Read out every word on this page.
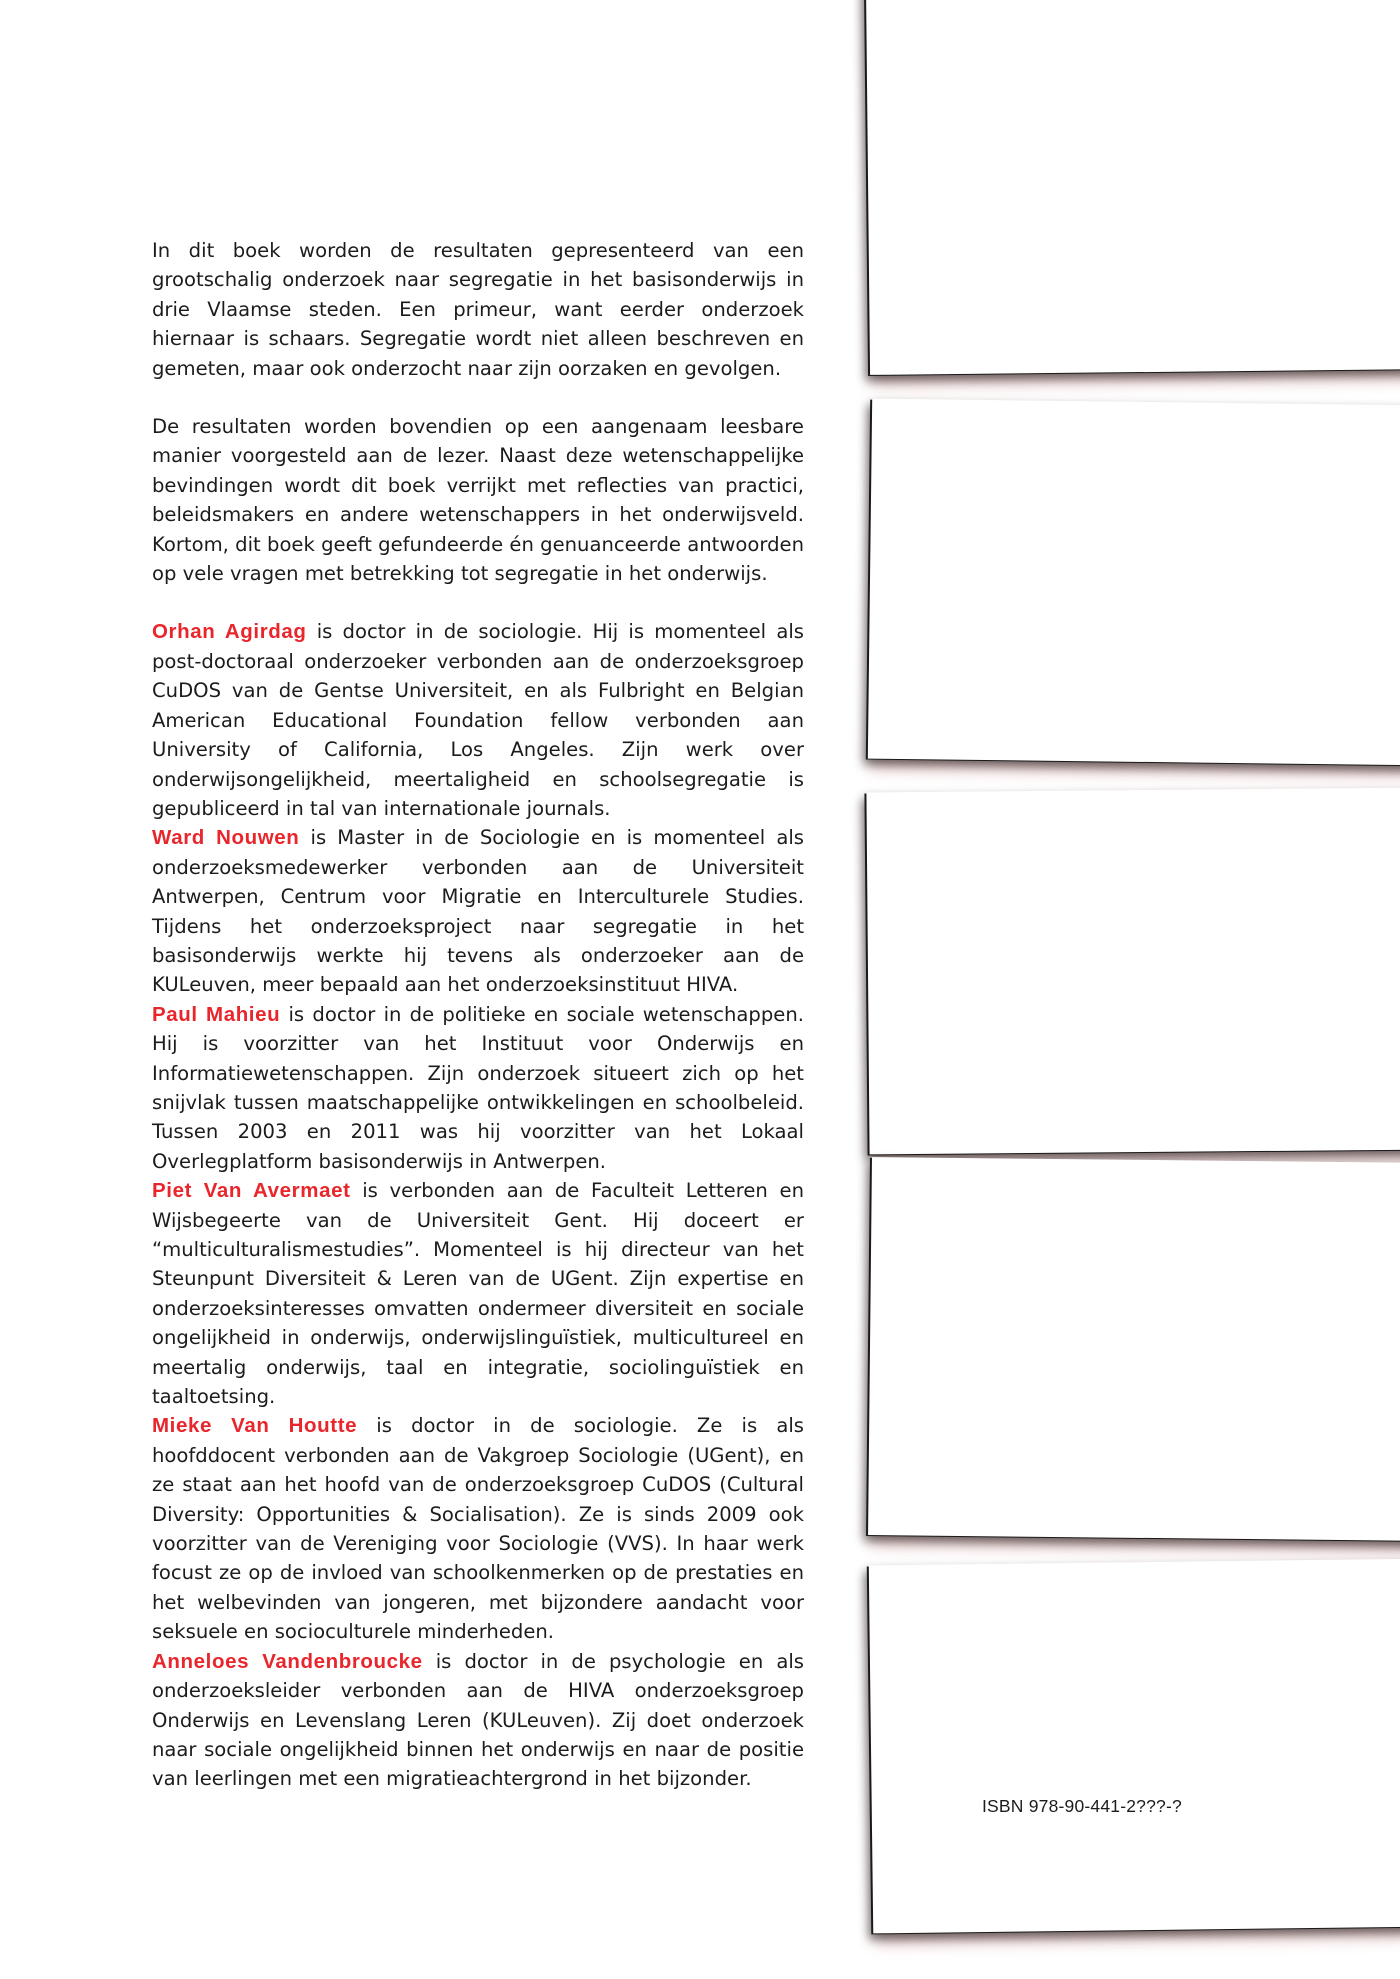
In dit boek worden de resultaten gepresenteerd van een grootschalig onderzoek naar segregatie in het basisonderwijs in drie Vlaamse steden. Een primeur, want eerder onderzoek hiernaar is schaars. Segregatie wordt niet alleen beschreven en gemeten, maar ook onderzocht naar zijn oorzaken en gevolgen.

De resultaten worden bovendien op een aangenaam leesbare manier voorgesteld aan de lezer. Naast deze wetenschappelijke bevindingen wordt dit boek verrijkt met reflecties van practici, beleidsmakers en andere wetenschappers in het onderwijsveld. Kortom, dit boek geeft gefundeerde én genuanceerde antwoorden op vele vragen met betrekking tot segregatie in het onderwijs.

Orhan Agirdag is doctor in de sociologie. Hij is momenteel als post-doctoraal onderzoeker verbonden aan de onderzoeksgroep CuDOS van de Gentse Universiteit, en als Fulbright en Belgian American Educational Foundation fellow verbonden aan University of California, Los Angeles. Zijn werk over onderwijsongelijkheid, meertaligheid en schoolsegregatie is gepubliceerd in tal van internationale journals.

Ward Nouwen is Master in de Sociologie en is momenteel als onderzoeksmedewerker verbonden aan de Universiteit Antwerpen, Centrum voor Migratie en Interculturele Studies. Tijdens het onderzoeksproject naar segregatie in het basisonderwijs werkte hij tevens als onderzoeker aan de KULeuven, meer bepaald aan het onderzoeksinstituut HIVA.

Paul Mahieu is doctor in de politieke en sociale wetenschappen. Hij is voorzitter van het Instituut voor Onderwijs en Informatiewetenschappen. Zijn onderzoek situeert zich op het snijvlak tussen maatschappelijke ontwikkelingen en schoolbeleid. Tussen 2003 en 2011 was hij voorzitter van het Lokaal Overlegplatform basisonderwijs in Antwerpen.

Piet Van Avermaet is verbonden aan de Faculteit Letteren en Wijsbegeerte van de Universiteit Gent. Hij doceert er “multiculturalismestudies”. Momenteel is hij directeur van het Steunpunt Diversiteit & Leren van de UGent. Zijn expertise en onderzoeksinteresses omvatten ondermeer diversiteit en sociale ongelijkheid in onderwijs, onderwijslinguïstiek, multicultureel en meertalig onderwijs, taal en integratie, sociolinguïstiek en taaltoetsing.

Mieke Van Houtte is doctor in de sociologie. Ze is als hoofddocent verbonden aan de Vakgroep Sociologie (UGent), en ze staat aan het hoofd van de onderzoeksgroep CuDOS (Cultural Diversity: Opportunities & Socialisation). Ze is sinds 2009 ook voorzitter van de Vereniging voor Sociologie (VVS). In haar werk focust ze op de invloed van schoolkenmerken op de prestaties en het welbevinden van jongeren, met bijzondere aandacht voor seksuele en socioculturele minderheden.

Anneloes Vandenbroucke is doctor in de psychologie en als onderzoeksleider verbonden aan de HIVA onderzoeksgroep Onderwijs en Levenslang Leren (KULeuven). Zij doet onderzoek naar sociale ongelijkheid binnen het onderwijs en naar de positie van leerlingen met een migratieachtergrond in het bijzonder.

ISBN 978-90-441-2???-?
